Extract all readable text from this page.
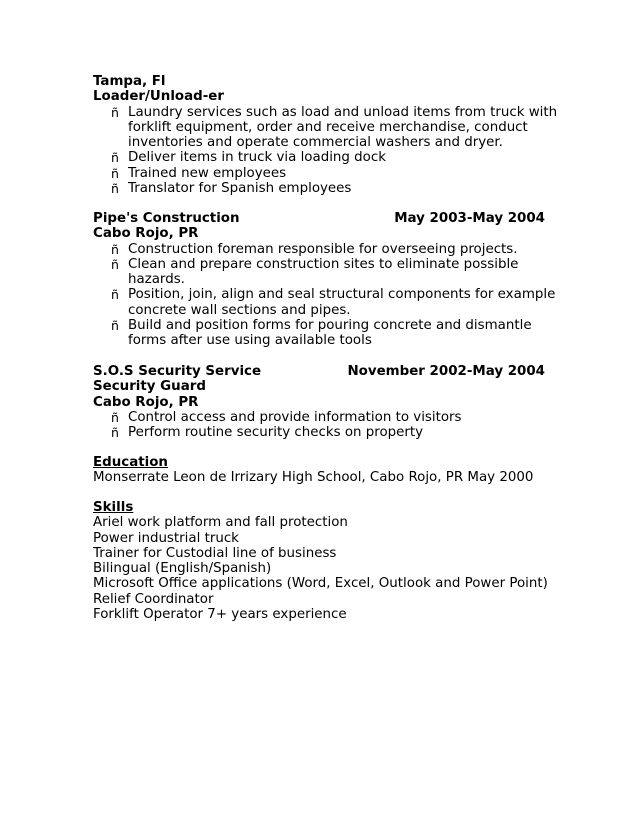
Tampa, Fl
Loader/Unload-er
ñ Laundry services such as load and unload items from truck with
forklift equipment, order and receive merchandise, conduct
inventories and operate commercial washers and dryer.
ñ Deliver items in truck via loading dock
ñ Trained new employees
ñ Translator for Spanish employees
Pipe's Construction	May 2003-May 2004
Cabo Rojo, PR
ñ Construction foreman responsible for overseeing projects.
ñ Clean and prepare construction sites to eliminate possible
hazards.
ñ Position, join, align and seal structural components for example
concrete wall sections and pipes.
ñ Build and position forms for pouring concrete and dismantle
forms after use using available tools
S.O.S Security Service	November 2002-May 2004
Security Guard
Cabo Rojo, PR
ñ Control access and provide information to visitors
ñ Perform routine security checks on property
Education
Monserrate Leon de Irrizary High School, Cabo Rojo, PR May 2000
Skills
Ariel work platform and fall protection
Power industrial truck
Trainer for Custodial line of business
Bilingual (English/Spanish)
Microsoft Office applications (Word, Excel, Outlook and Power Point)
Relief Coordinator
Forklift Operator 7+ years experience
